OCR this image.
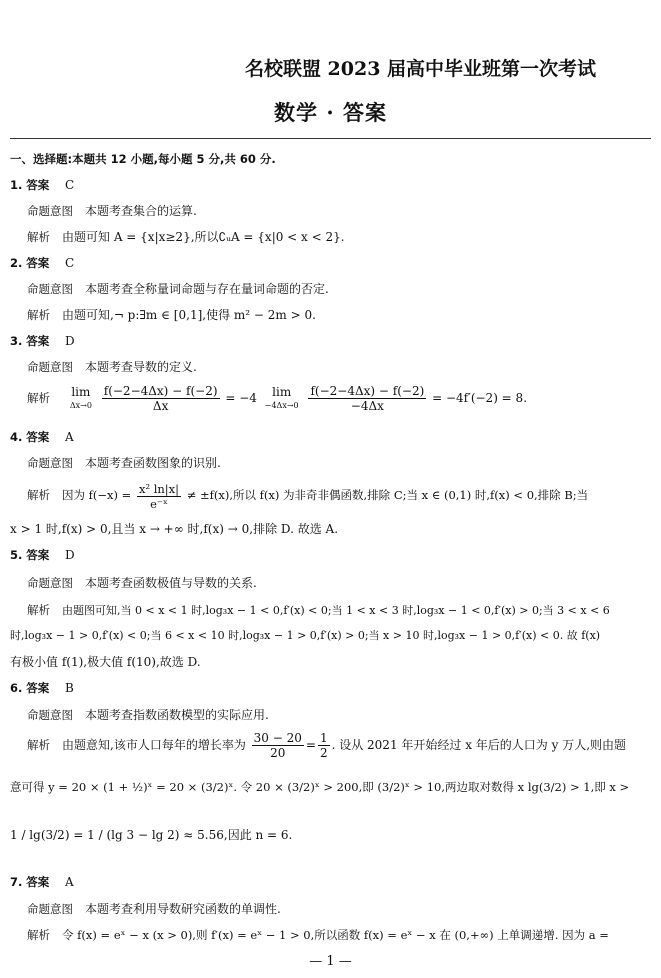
名校联盟 2023 届高中毕业班第一次考试
数学 · 答案
一、选择题:本题共 12 小题,每小题 5 分,共 60 分.
1. 答案 C
命题意图 本题考查集合的运算.
解析 由题可知 A = {x|x≥2},所以∁ᵤA = {x|0 < x < 2}.
2. 答案 C
命题意图 本题考查全称量词命题与存在量词命题的否定.
解析 由题可知,¬ p:∃m ∈ [0,1],使得 m² − 2m > 0.
3. 答案 D
命题意图 本题考查导数的定义.
解析 lim
Δx→0
$\frac{f(-2-4\Delta x) - f(-2)}{\Delta x} = -4$	lim
−4Δx→0
$\frac{f(-2-4\Delta x) - f(-2)}{-4\Delta x} = -4f'(-2) = 8$.
4. 答案 A
命题意图 本题考查函数图象的识别.
解析 因为 $f(-x) = \frac{\text{x² ln|x|}}{\text{e⁻ˣ}} \ne \pm f(x)$,所以 f(x) 为非奇非偶函数,排除 C;当 x ∈ (0,1) 时,f(x) < 0,排除 B;当
x > 1 时,f(x) > 0,且当 x → +∞ 时,f(x) → 0,排除 D. 故选 A.
5. 答案 D
命题意图 本题考查函数极值与导数的关系.
解析 由题图可知,当 0 < x < 1 时,log₃x − 1 < 0,f′(x) < 0;当 1 < x < 3 时,log₃x − 1 < 0,f′(x) > 0;当 3 < x < 6
时,log₃x − 1 > 0,f′(x) < 0;当 6 < x < 10 时,log₃x − 1 > 0,f′(x) > 0;当 x > 10 时,log₃x − 1 > 0,f′(x) < 0. 故 f(x)
有极小值 f(1),极大值 f(10),故选 D.
6. 答案 B
命题意图 本题考查指数函数模型的实际应用.
解析 由题意知,该市人口每年的增长率为 $\frac{30 - 20}{20} = \frac{1}{2}$ . 设从 2021 年开始经过 x 年后的人口为 y 万人,则由题
意可得 y = 20 × (1 + ½)ˣ = 20 × (3/2)ˣ. 令 20 × (3/2)ˣ > 200,即 (3/2)ˣ > 10,两边取对数得 x lg(3/2) > 1,即 x >
1 / lg(3/2) = 1 / (lg 3 − lg 2) ≈ 5.56,因此 n = 6.
7. 答案 A
命题意图 本题考查利用导数研究函数的单调性.
解析 令 f(x) = eˣ − x (x > 0),则 f′(x) = eˣ − 1 > 0,所以函数 f(x) = eˣ − x 在 (0,+∞) 上单调递增. 因为 a =
— 1 —
